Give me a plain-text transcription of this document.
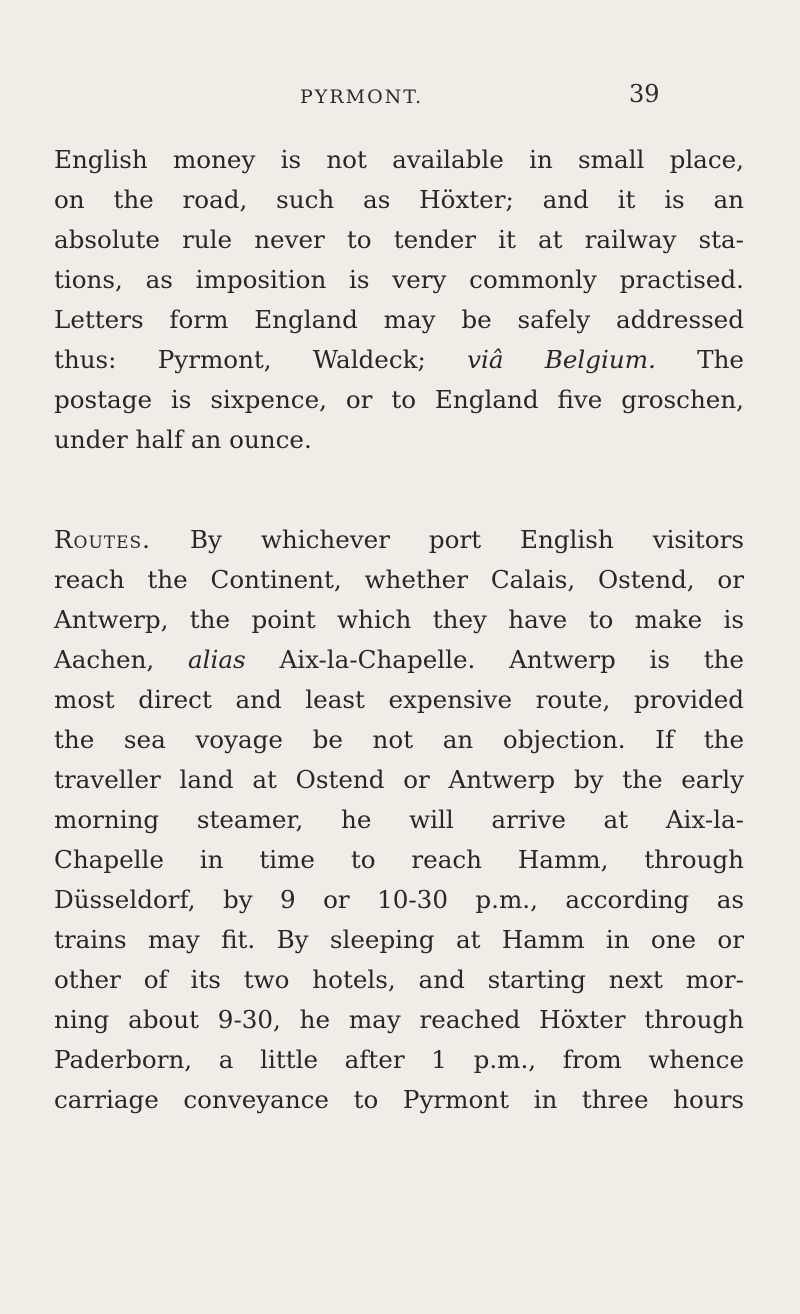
PYRMONT.	39
English money is not available in small place,
on the road, such as Höxter; and it is an
absolute rule never to tender it at railway sta-
tions, as imposition is very commonly practised.
Letters form England may be safely addressed
thus: Pyrmont, Waldeck; viâ Belgium. The
postage is sixpence, or to England five groschen,
under half an ounce.
Routes. By whichever port English visitors
reach the Continent, whether Calais, Ostend, or
Antwerp, the point which they have to make is
Aachen, alias Aix-la-Chapelle. Antwerp is the
most direct and least expensive route, provided
the sea voyage be not an objection. If the
traveller land at Ostend or Antwerp by the early
morning steamer, he will arrive at Aix-la-
Chapelle in time to reach Hamm, through
Düsseldorf, by 9 or 10-30 p.m., according as
trains may fit. By sleeping at Hamm in one or
other of its two hotels, and starting next mor-
ning about 9-30, he may reached Höxter through
Paderborn, a little after 1 p.m., from whence
carriage conveyance to Pyrmont in three hours
